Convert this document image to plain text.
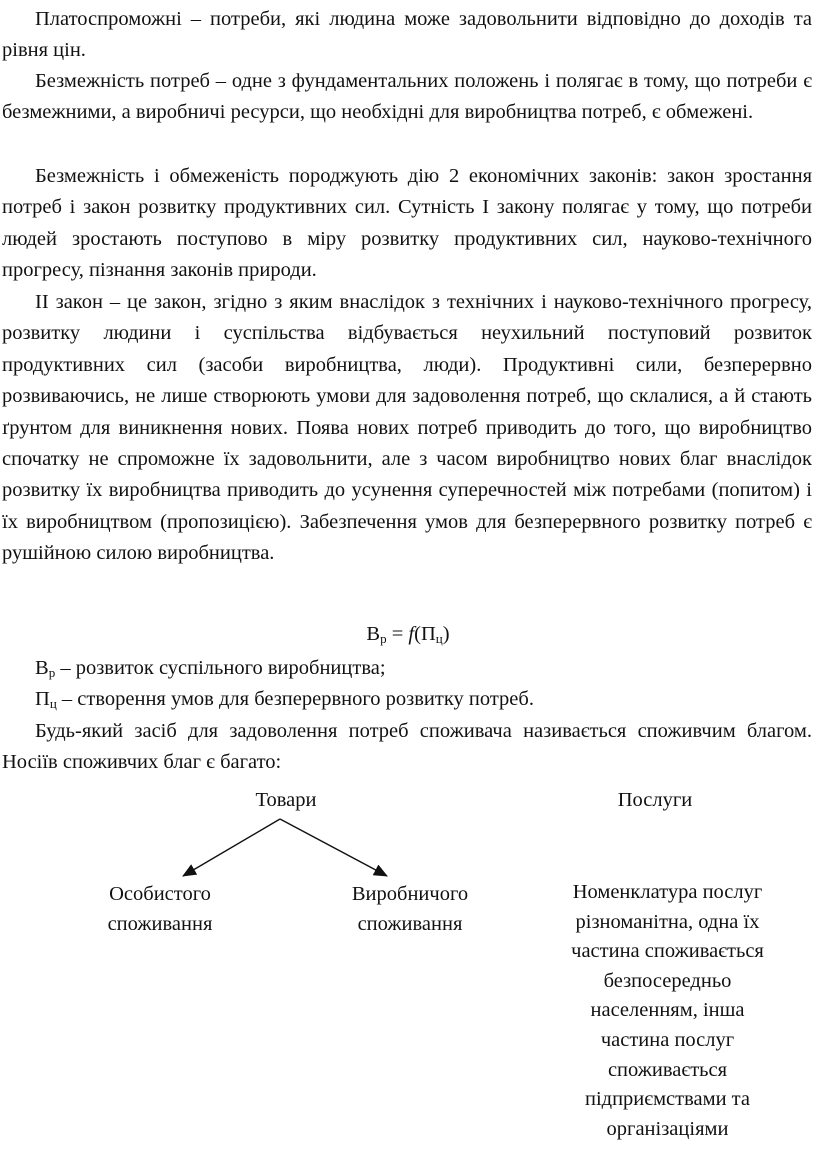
Платоспроможні – потреби, які людина може задовольнити відповідно до доходів та рівня цін.

Безмежність потреб – одне з фундаментальних положень і полягає в тому, що потреби є безмежними, а виробничі ресурси, що необхідні для виробництва потреб, є обмежені.

Безмежність і обмеженість породжують дію 2 економічних законів: закон зростання потреб і закон розвитку продуктивних сил. Сутність І закону полягає у тому, що потреби людей зростають поступово в міру розвитку продуктивних сил, науково-технічного прогресу, пізнання законів природи.

ІІ закон – це закон, згідно з яким внаслідок з технічних і науково-технічного прогресу, розвитку людини і суспільства відбувається неухильний поступовий розвиток продуктивних сил (засоби виробництва, люди). Продуктивні сили, безперервно розвиваючись, не лише створюють умови для задоволення потреб, що склалися, а й стають ґрунтом для виникнення нових. Поява нових потреб приводить до того, що виробництво спочатку не спроможне їх задовольнити, але з часом виробництво нових благ внаслідок розвитку їх виробництва приводить до усунення суперечностей між потребами (попитом) і їх виробництвом (пропозицією). Забезпечення умов для безперервного розвитку потреб є рушійною силою виробництва.

$В_р = f(П_ц)$
$В_р$ – розвиток суспільного виробництва;
$П_ц$ – створення умов для безперервного розвитку потреб.

Будь-який засіб для задоволення потреб споживача називається споживчим благом. Носіїв споживчих благ є багато:

Товари	Послуги
Особистого
споживання
Виробничого
споживання
Номенклатура послуг
різноманітна, одна їх
частина споживається
безпосередньо
населенням, інша
частина послуг
споживається
підприємствами та
організаціями
